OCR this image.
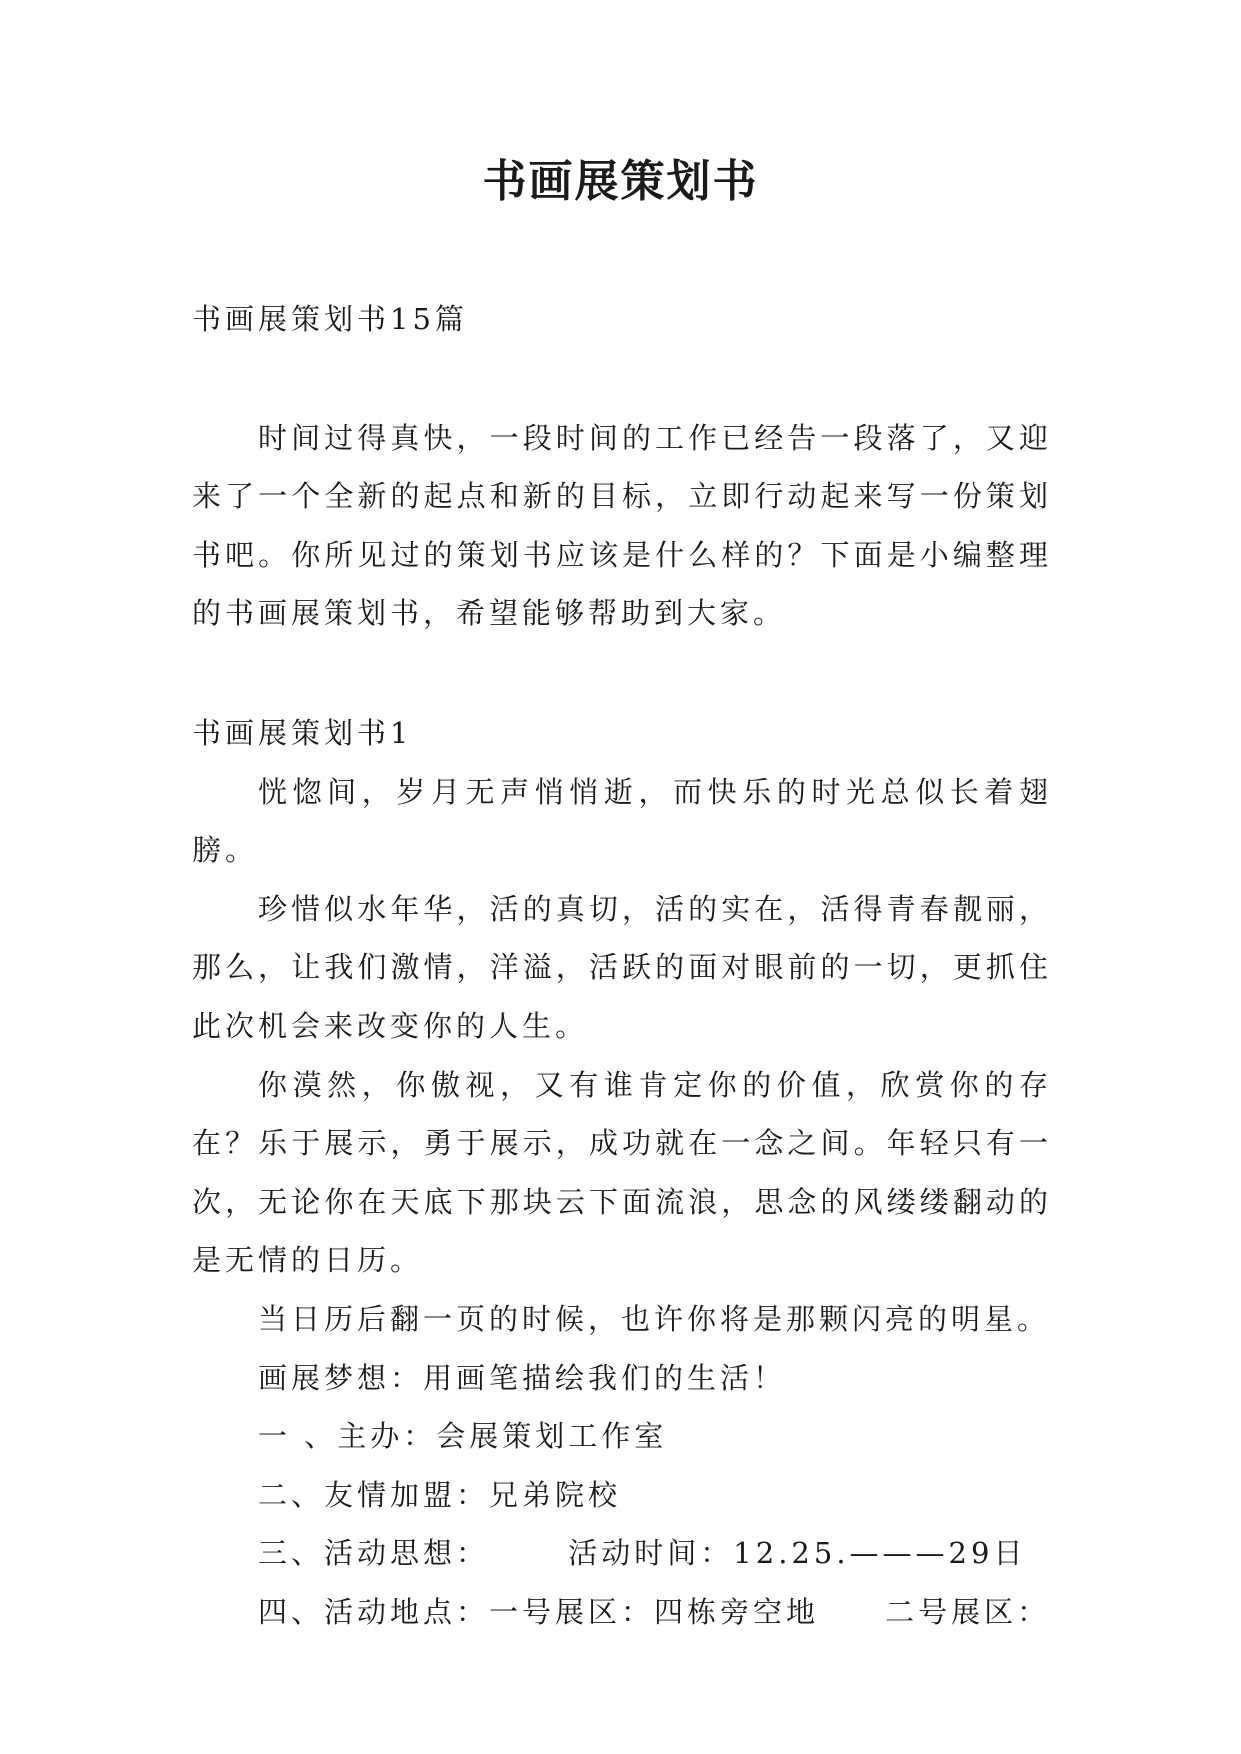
书画展策划书

书画展策划书15篇

时间过得真快，一段时间的工作已经告一段落了，又迎来了一个全新的起点和新的目标，立即行动起来写一份策划书吧。你所见过的策划书应该是什么样的？下面是小编整理的书画展策划书，希望能够帮助到大家。

书画展策划书1

恍惚间，岁月无声悄悄逝，而快乐的时光总似长着翅膀。

珍惜似水年华，活的真切，活的实在，活得青春靓丽，那么，让我们激情，洋溢，活跃的面对眼前的一切，更抓住此次机会来改变你的人生。

你漠然，你傲视，又有谁肯定你的价值，欣赏你的存在？乐于展示，勇于展示，成功就在一念之间。年轻只有一次，无论你在天底下那块云下面流浪，思念的风缕缕翻动的是无情的日历。

当日历后翻一页的时候，也许你将是那颗闪亮的明星。

画展梦想：用画笔描绘我们的生活！

一 、主办：会展策划工作室

二、友情加盟：兄弟院校

三、活动思想：      活动时间：12.25.———29日

四、活动地点：一号展区：四栋旁空地     二号展区：
